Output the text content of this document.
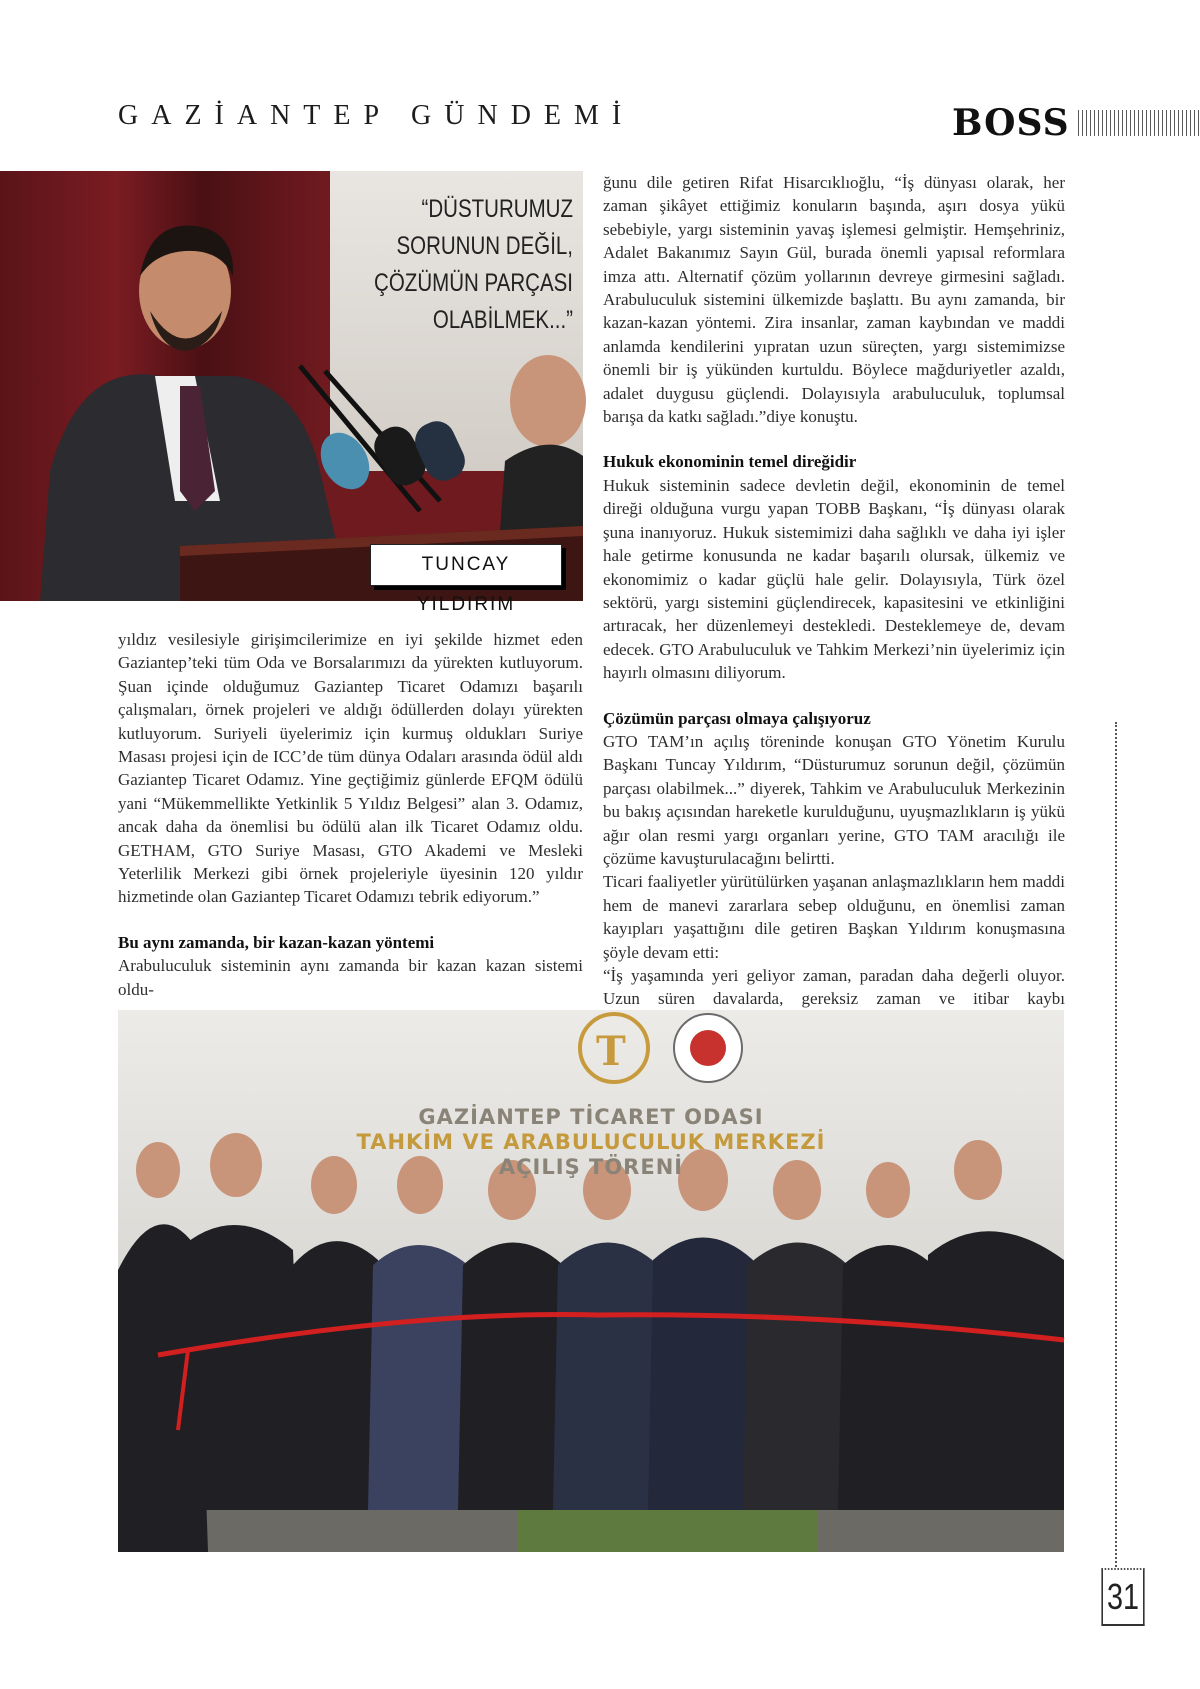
GAZİANTEP GÜNDEMİ	BOSS
“DÜSTURUMUZ SORUNUN DEĞİL, ÇÖZÜMÜN PARÇASI OLABİLMEK...”
TUNCAY YILDIRIM

yıldız vesilesiyle girişimcilerimize en iyi şekilde hizmet eden Gaziantep’teki tüm Oda ve Borsalarımızı da yürekten kutluyorum. Şuan içinde olduğumuz Gaziantep Ticaret Odamızı başarılı çalışmaları, örnek projeleri ve aldığı ödüllerden dolayı yürekten kutluyorum. Suriyeli üyelerimiz için kurmuş oldukları Suriye Masası projesi için de ICC’de tüm dünya Odaları arasında ödül aldı Gaziantep Ticaret Odamız. Yine geçtiğimiz günlerde EFQM ödülü yani “Mükemmellikte Yetkinlik 5 Yıldız Belgesi” alan 3. Odamız, ancak daha da önemlisi bu ödülü alan ilk Ticaret Odamız oldu. GETHAM, GTO Suriye Masası, GTO Akademi ve Mesleki Yeterlilik Merkezi gibi örnek projeleriyle üyesinin 120 yıldır hizmetinde olan Gaziantep Ticaret Odamızı tebrik ediyorum.”

Bu aynı zamanda, bir kazan-kazan yöntemi

Arabuluculuk sisteminin aynı zamanda bir kazan kazan sistemi oldu-

ğunu dile getiren Rifat Hisarcıklıoğlu, “İş dünyası olarak, her zaman şikâyet ettiğimiz konuların başında, aşırı dosya yükü sebebiyle, yargı sisteminin yavaş işlemesi gelmiştir. Hemşehriniz, Adalet Bakanımız Sayın Gül, burada önemli yapısal reformlara imza attı. Alternatif çözüm yollarının devreye girmesini sağladı. Arabuluculuk sistemini ülkemizde başlattı. Bu aynı zamanda, bir kazan-kazan yöntemi. Zira insanlar, zaman kaybından ve maddi anlamda kendilerini yıpratan uzun süreçten, yargı sistemimizse önemli bir iş yükünden kurtuldu. Böylece mağduriyetler azaldı, adalet duygusu güçlendi. Dolayısıyla arabuluculuk, toplumsal barışa da katkı sağladı.”diye konuştu.

Hukuk ekonominin temel direğidir

Hukuk sisteminin sadece devletin değil, ekonominin de temel direği olduğuna vurgu yapan TOBB Başkanı, “İş dünyası olarak şuna inanıyoruz. Hukuk sistemimizi daha sağlıklı ve daha iyi işler hale getirme konusunda ne kadar başarılı olursak, ülkemiz ve ekonomimiz o kadar güçlü hale gelir. Dolayısıyla, Türk özel sektörü, yargı sistemini güçlendirecek, kapasitesini ve etkinliğini artıracak, her düzenlemeyi destekledi. Desteklemeye de, devam edecek. GTO Arabuluculuk ve Tahkim Merkezi’nin üyelerimiz için hayırlı olmasını diliyorum.

Çözümün parçası olmaya çalışıyoruz

GTO TAM’ın açılış töreninde konuşan GTO Yönetim Kurulu Başkanı Tuncay Yıldırım, “Düsturumuz sorunun değil, çözümün parçası olabilmek...” diyerek, Tahkim ve Arabuluculuk Merkezinin bu bakış açısından hareketle kurulduğunu, uyuşmazlıkların iş yükü ağır olan resmi yargı organları yerine, GTO TAM aracılığı ile çözüme kavuşturulacağını belirtti.

Ticari faaliyetler yürütülürken yaşanan anlaşmazlıkların hem maddi hem de manevi zararlara sebep olduğunu, en önemlisi zaman kayıpları yaşattığını dile getiren Başkan Yıldırım konuşmasına şöyle devam etti:

“İş yaşamında yeri geliyor zaman, paradan daha değerli oluyor. Uzun süren davalarda, gereksiz zaman ve itibar kaybı

T
GAZİANTEP TİCARET ODASI
TAHKİM VE ARABULUCULUK MERKEZİ
AÇILIŞ TÖRENİ
31
